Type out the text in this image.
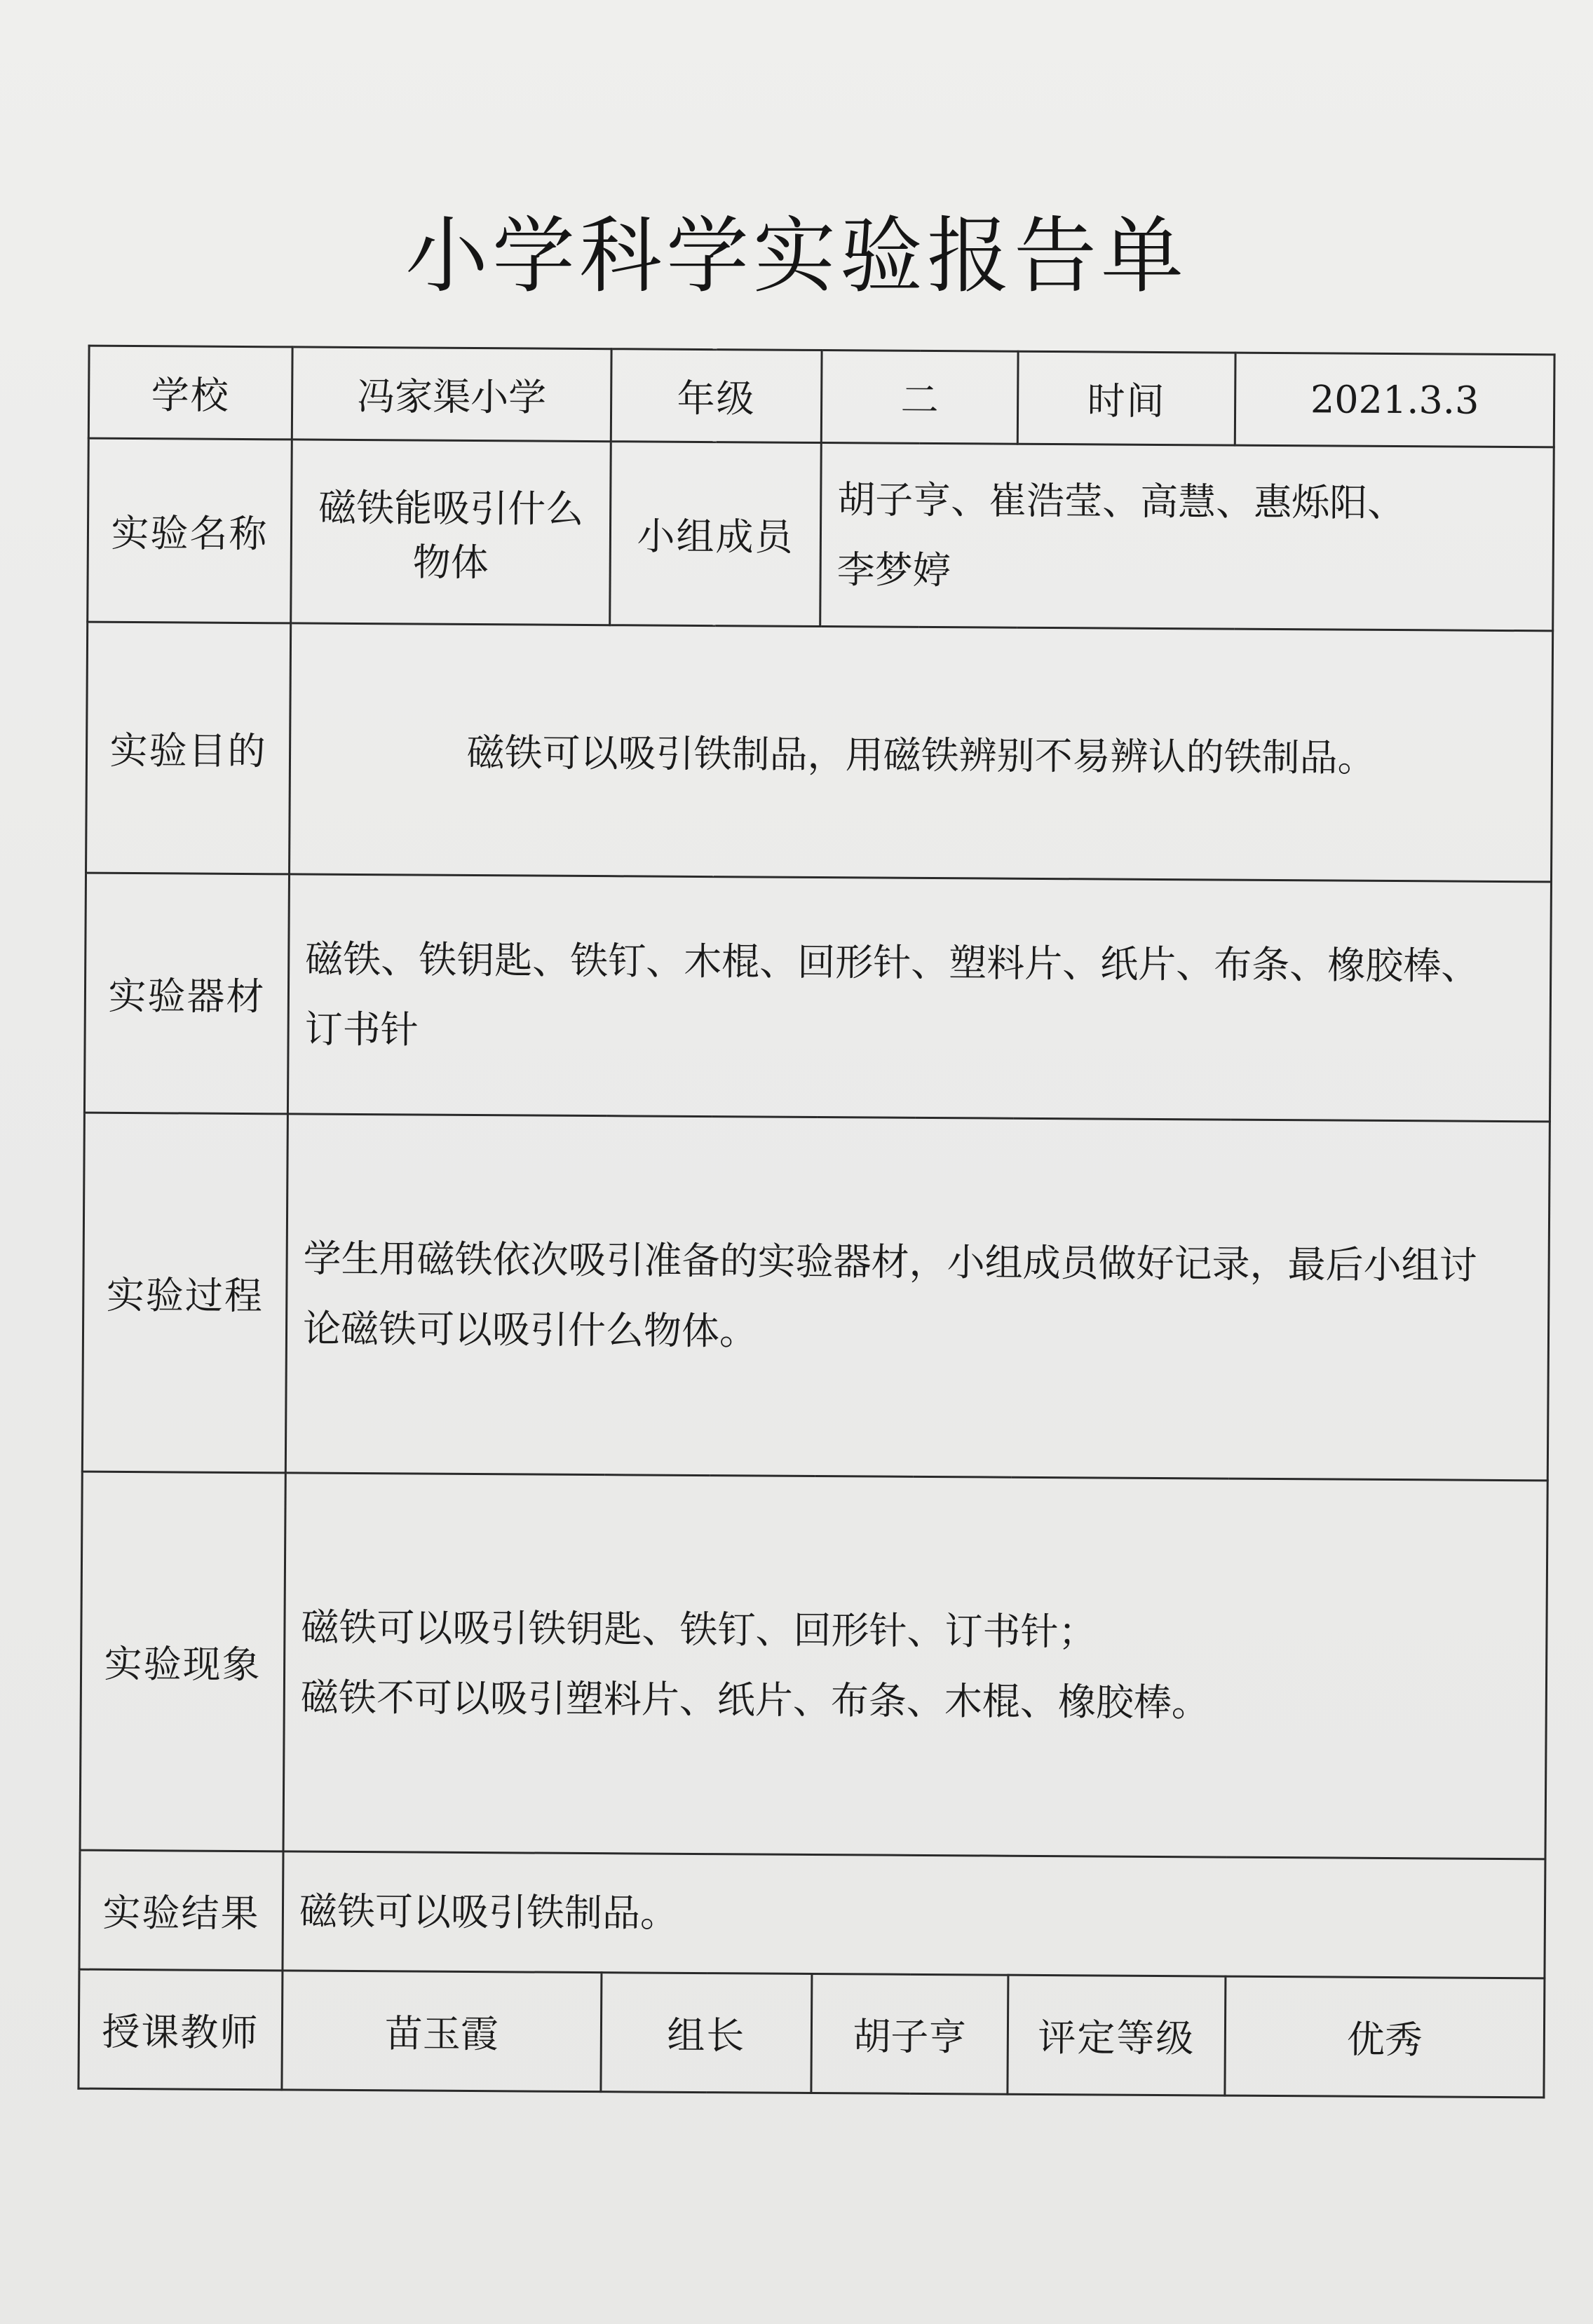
小学科学实验报告单
学校	冯家渠小学	年级	二	时间	2021.3.3
实验名称	磁铁能吸引什么物体	小组成员	胡子亨、崔浩莹、高慧、惠烁阳、
李梦婷		

实验目的	磁铁可以吸引铁制品，用磁铁辨别不易辨认的铁制品。				
实验器材	磁铁、铁钥匙、铁钉、木棍、回形针、塑料片、纸片、布条、橡胶棒、
订书针				

实验过程	学生用磁铁依次吸引准备的实验器材，小组成员做好记录，最后小组讨
论磁铁可以吸引什么物体。				

实验现象	磁铁可以吸引铁钥匙、铁钉、回形针、订书针；
磁铁不可以吸引塑料片、纸片、布条、木棍、橡胶棒。				

实验结果	磁铁可以吸引铁制品。				
授课教师	苗玉霞	组长	胡子亨	评定等级	优秀
